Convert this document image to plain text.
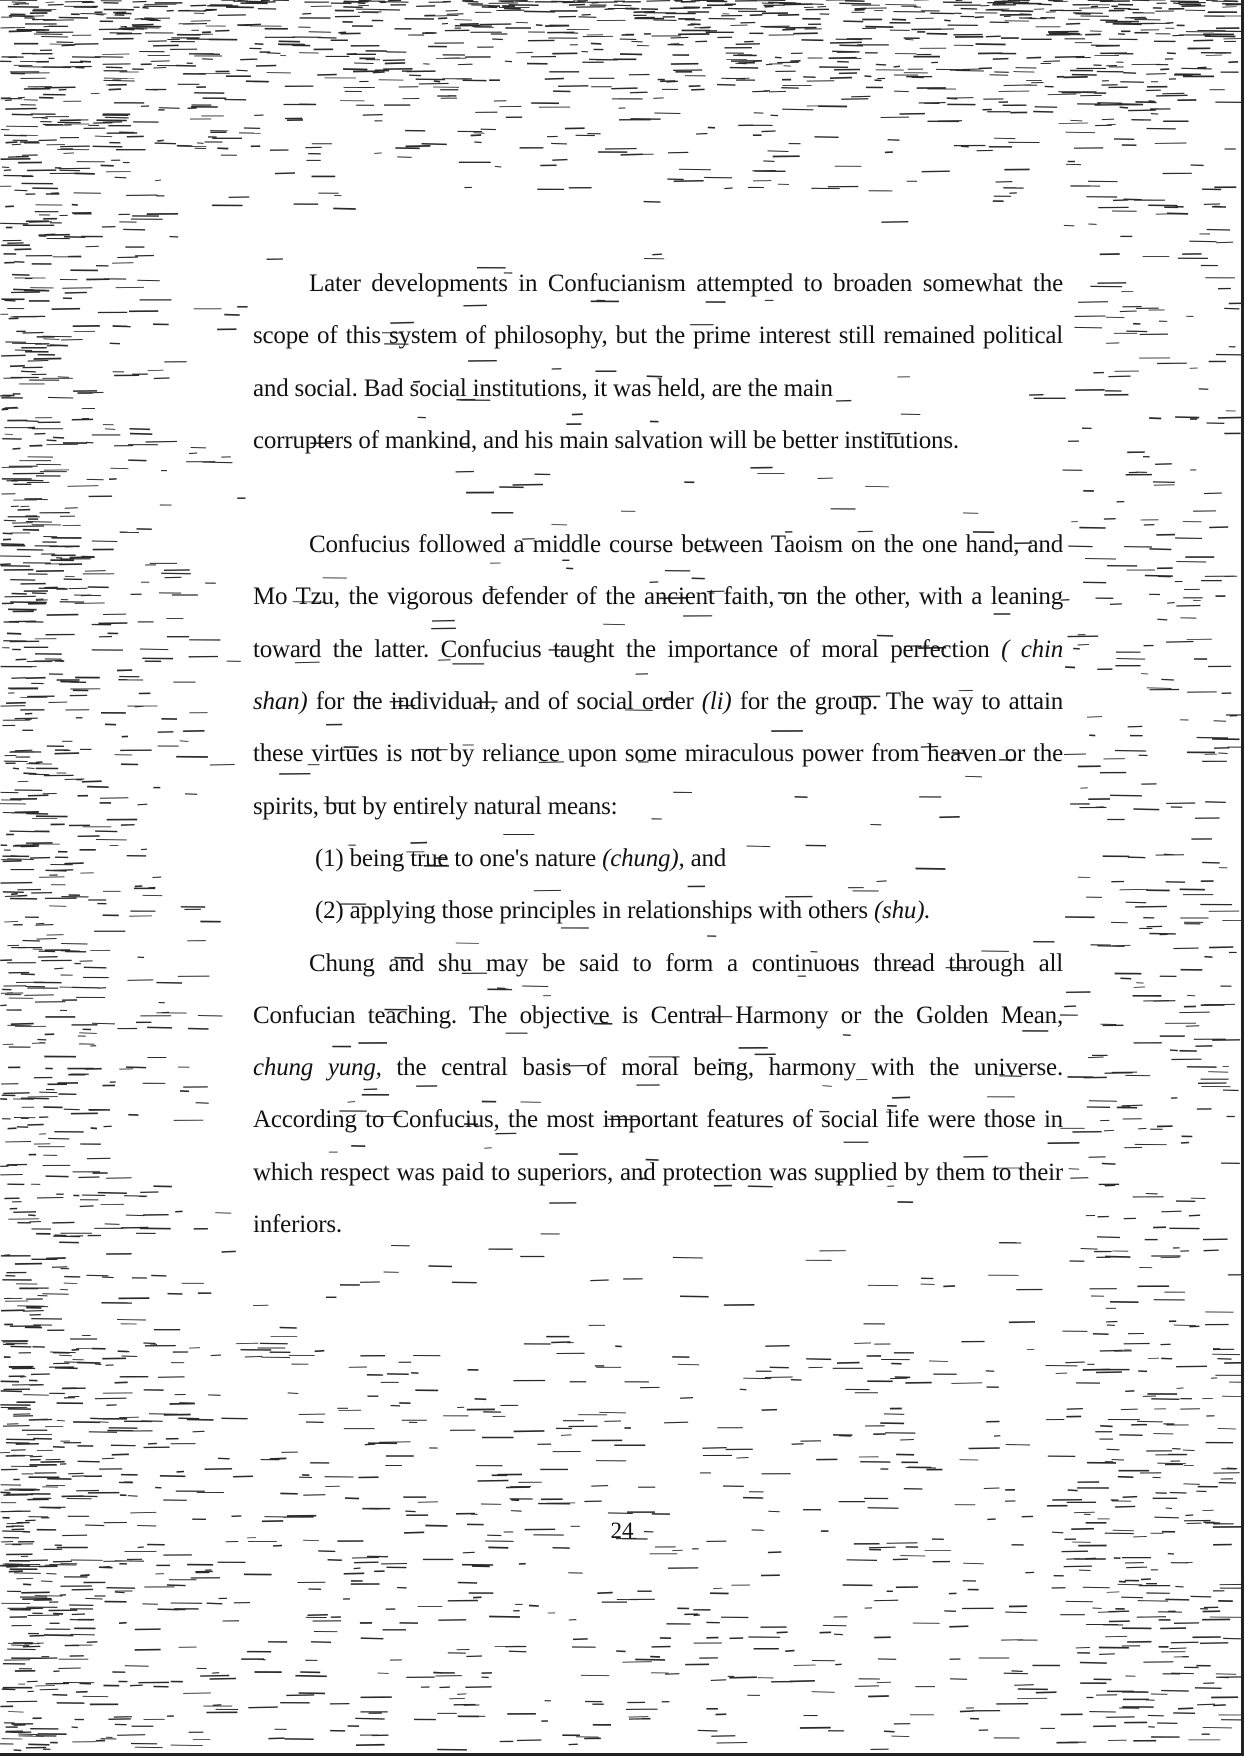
Later developments in Confucianism attempted to broaden somewhat the scope of this system of philosophy, but the prime interest still remained political and social. Bad social institutions, it was held, are the main

corrupters of mankind, and his main salvation will be better institutions.

Confucius followed a middle course between Taoism on the one hand, and Mo Tzu, the vigorous defender of the ancient faith, on the other, with a leaning toward the latter. Confucius taught the importance of moral perfection ( chin shan) for the individual, and of social order (li) for the group. The way to attain these virtues is not by reliance upon some miraculous power from heaven or the spirits, but by entirely natural means:

(1) being true to one's nature (chung), and

(2) applying those principles in relationships with others (shu).

Chung and shu may be said to form a continuous thread through all Confucian teaching. The objective is Central Harmony or the Golden Mean, chung yung, the central basis of moral being, harmony with the universe. According to Confucius, the most important features of social life were those in which respect was paid to superiors, and protection was supplied by them to their inferiors.

24
